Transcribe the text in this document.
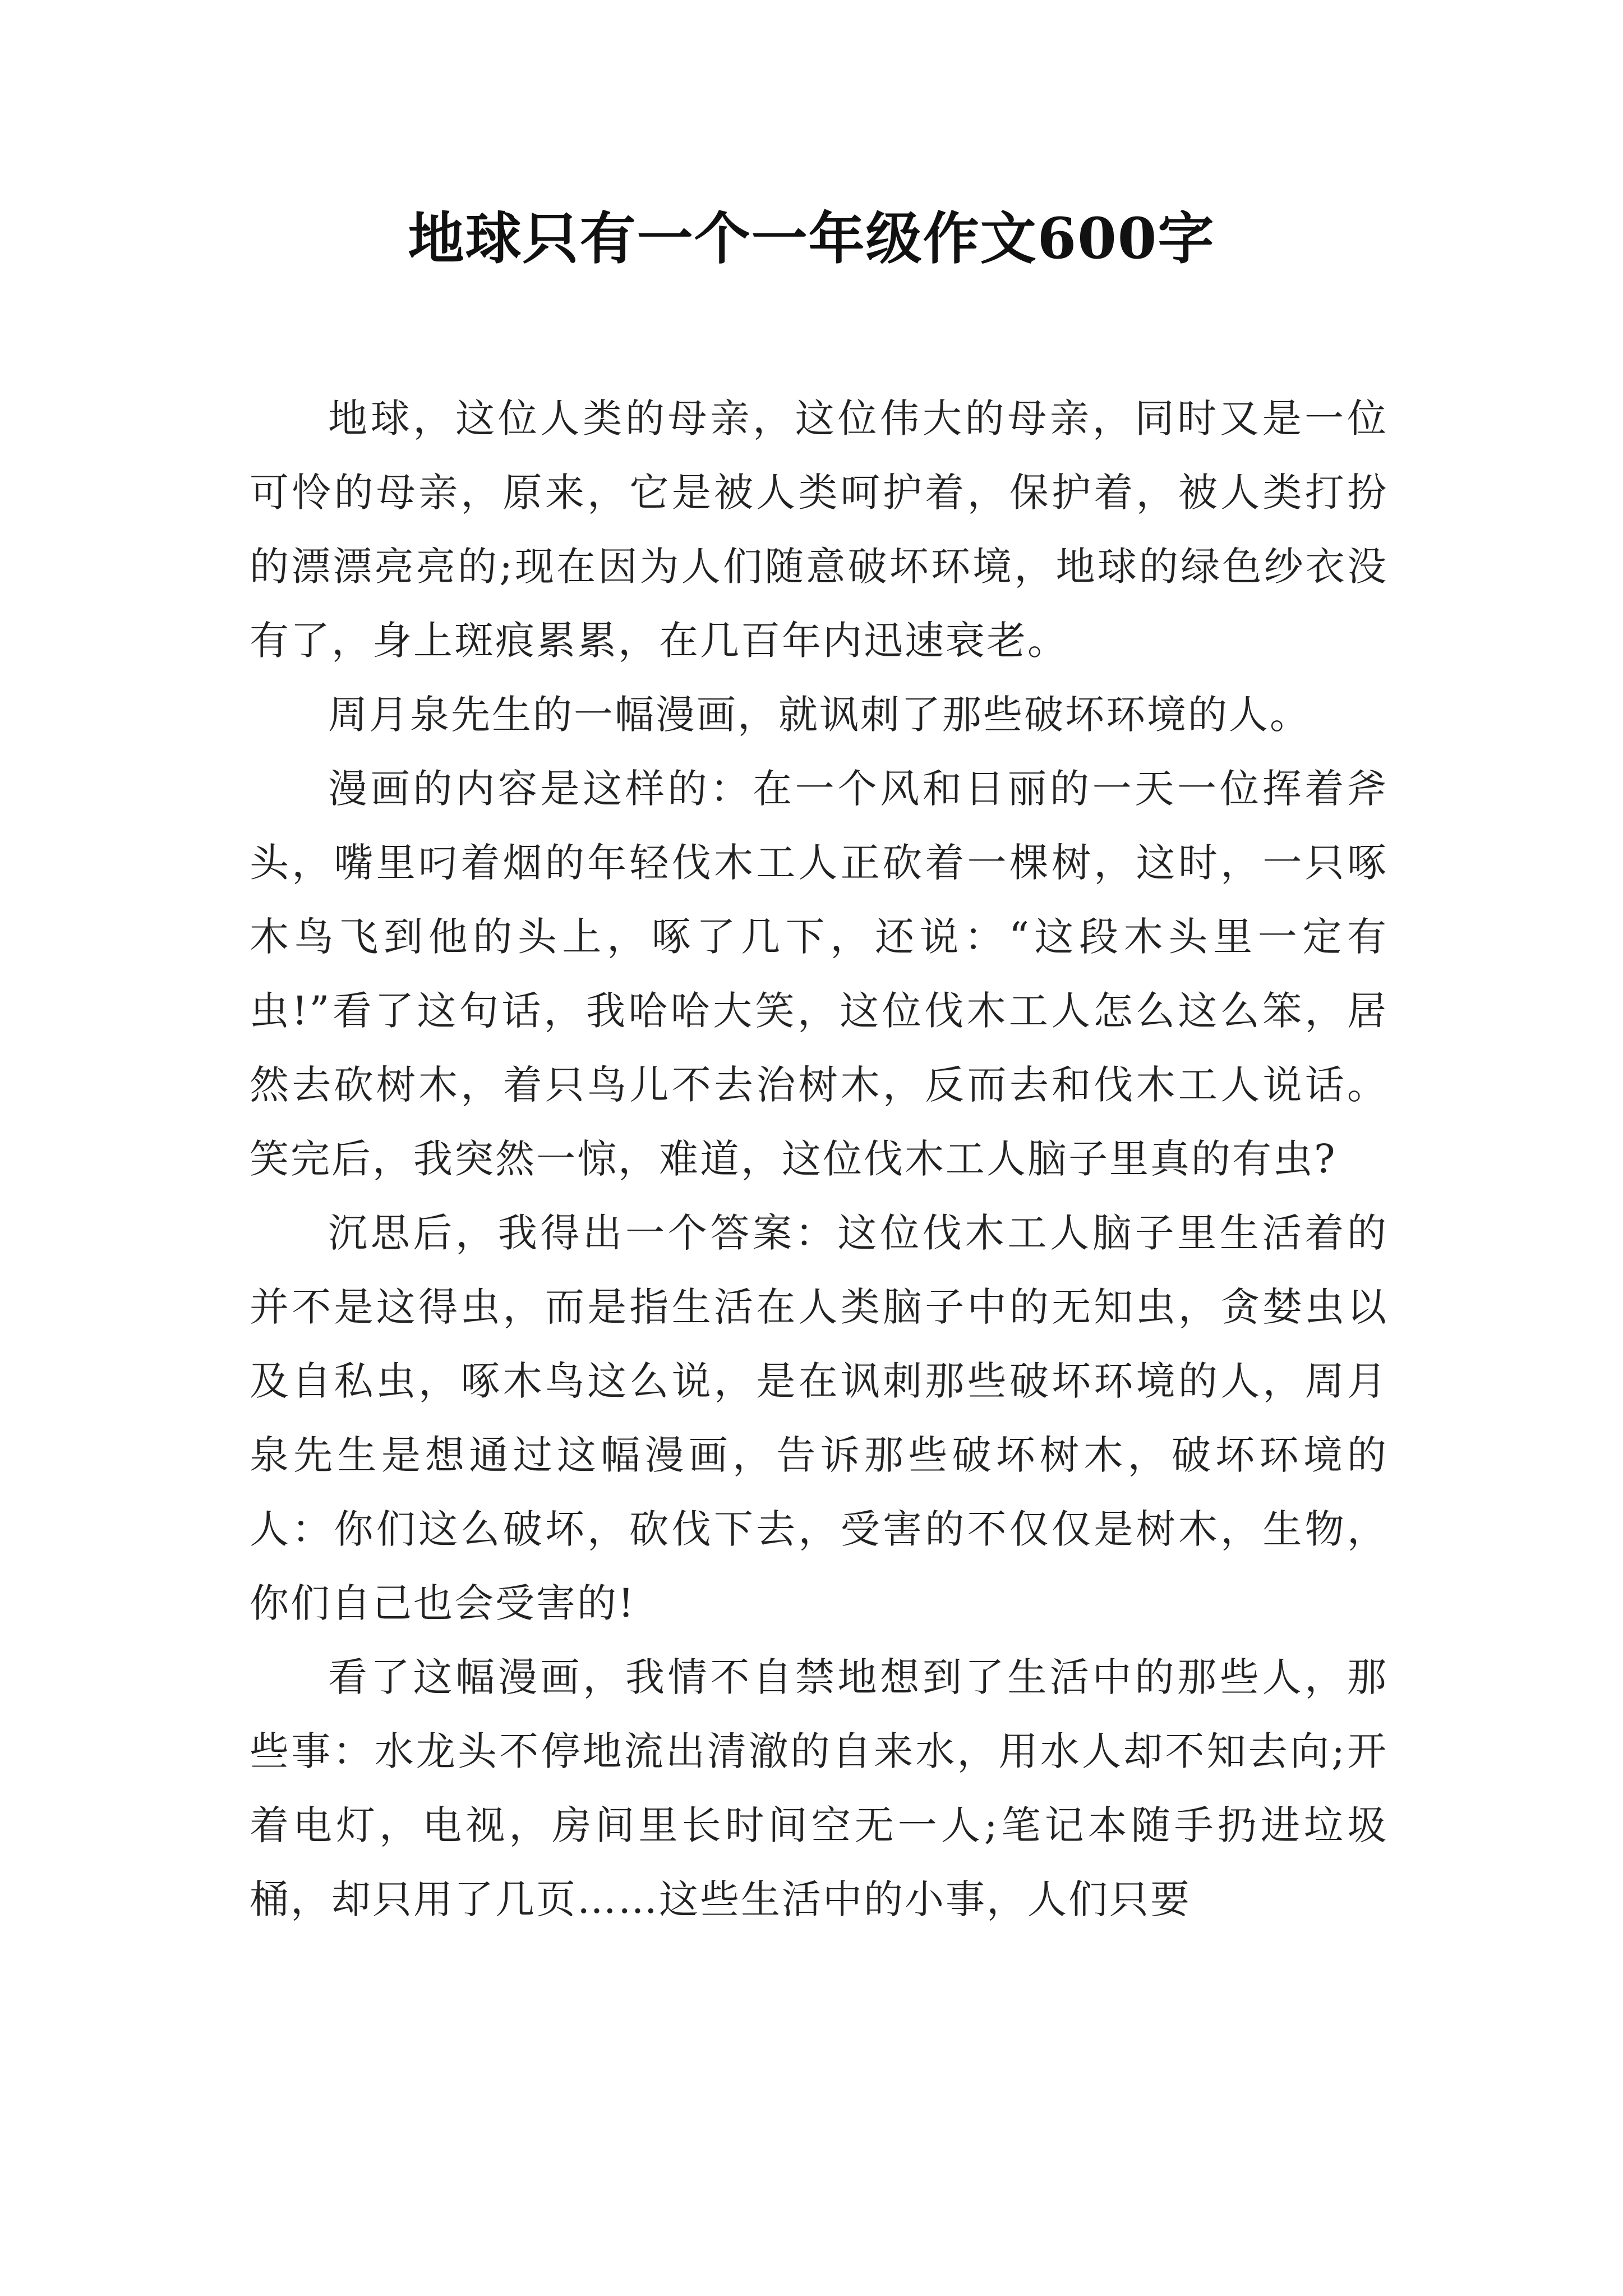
地球只有一个一年级作文600字

地球，这位人类的母亲，这位伟大的母亲，同时又是一位可怜的母亲，原来，它是被人类呵护着，保护着，被人类打扮的漂漂亮亮的;现在因为人们随意破坏环境，地球的绿色纱衣没有了，身上斑痕累累，在几百年内迅速衰老。

周月泉先生的一幅漫画，就讽刺了那些破坏环境的人。

漫画的内容是这样的：在一个风和日丽的一天一位挥着斧头，嘴里叼着烟的年轻伐木工人正砍着一棵树，这时，一只啄木鸟飞到他的头上，啄了几下，还说：“这段木头里一定有虫!”看了这句话，我哈哈大笑，这位伐木工人怎么这么笨，居然去砍树木，着只鸟儿不去治树木，反而去和伐木工人说话。笑完后，我突然一惊，难道，这位伐木工人脑子里真的有虫?

沉思后，我得出一个答案：这位伐木工人脑子里生活着的并不是这得虫，而是指生活在人类脑子中的无知虫，贪婪虫以及自私虫，啄木鸟这么说，是在讽刺那些破坏环境的人，周月泉先生是想通过这幅漫画，告诉那些破坏树木，破坏环境的人：你们这么破坏，砍伐下去，受害的不仅仅是树木，生物，你们自己也会受害的!

看了这幅漫画，我情不自禁地想到了生活中的那些人，那些事：水龙头不停地流出清澈的自来水，用水人却不知去向;开着电灯，电视，房间里长时间空无一人;笔记本随手扔进垃圾桶，却只用了几页……这些生活中的小事，人们只要
